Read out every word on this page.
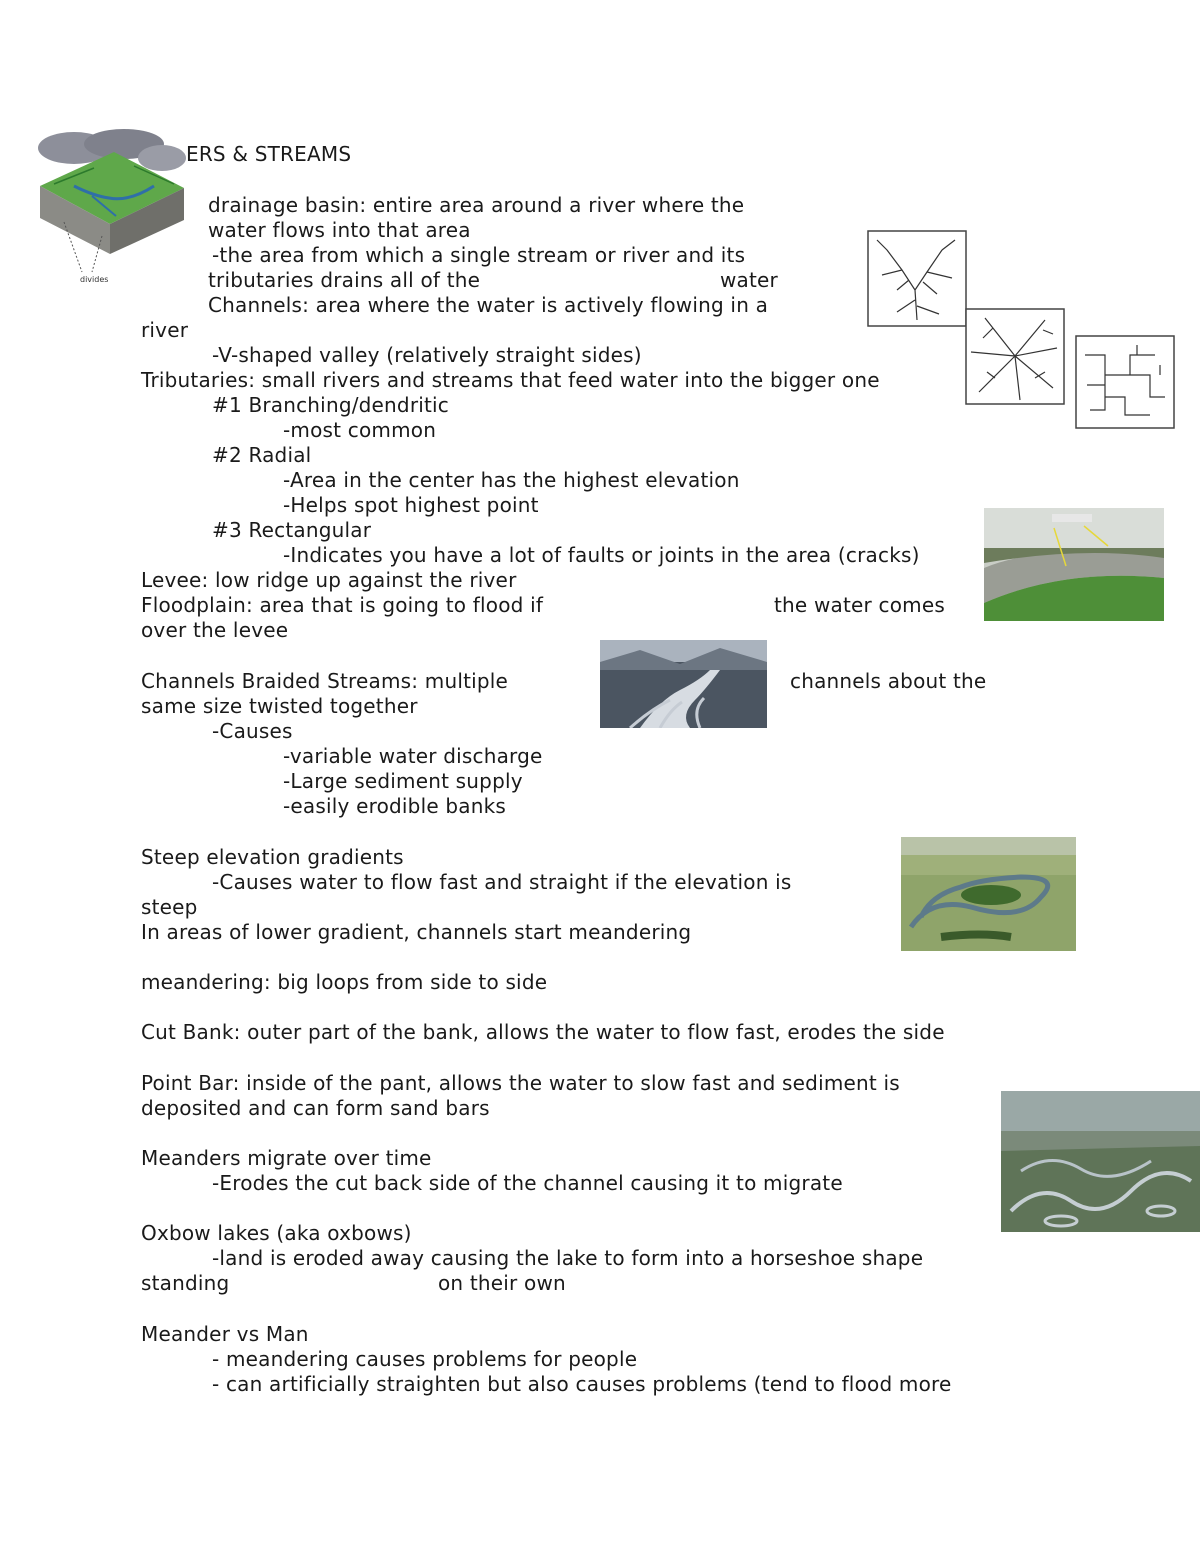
divides
ERS & STREAMS
drainage basin: entire area around a river where the
water flows into that area
-the area from which a single stream or river and its
tributaries drains all of the	water
Channels: area where the water is actively flowing in a
river
-V-shaped valley (relatively straight sides)
Tributaries: small rivers and streams that feed water into the bigger one
#1 Branching/dendritic
-most common
#2 Radial
-Area in the center has the highest elevation
-Helps spot highest point
#3 Rectangular
-Indicates you have a lot of faults or joints in the area (cracks)
Levee: low ridge up against the river
Floodplain: area that is going to flood if	the water comes
over the levee
Channels Braided Streams: multiple	channels about the
same size twisted together
-Causes
-variable water discharge
-Large sediment supply
-easily erodible banks
Steep elevation gradients
-Causes water to flow fast and straight if the elevation is
steep
In areas of lower gradient, channels start meandering
meandering: big loops from side to side
Cut Bank: outer part of the bank, allows the water to flow fast, erodes the side
Point Bar: inside of the pant, allows the water to slow fast and sediment is
deposited and can form sand bars
Meanders migrate over time
-Erodes the cut back side of the channel causing it to migrate
Oxbow lakes (aka oxbows)
-land is eroded away causing the lake to form into a horseshoe shape
standing	on their own
Meander vs Man
- meandering causes problems for people
- can artificially straighten but also causes problems (tend to flood more
